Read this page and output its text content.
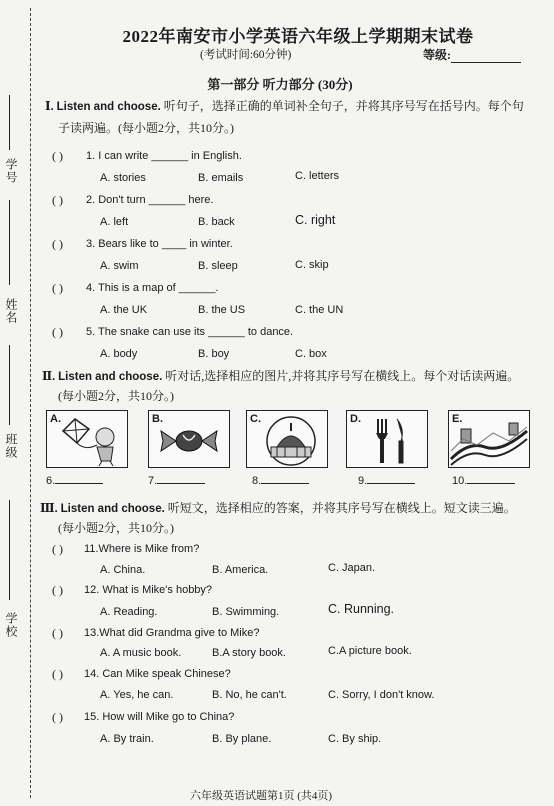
学号
姓名
班级
学校
2022年南安市小学英语六年级上学期期末试卷
(考试时间:60分钟)	等级:
第一部分 听力部分 (30分)
Ⅰ. Listen and choose. 听句子，选择正确的单词补全句子，并将其序号写在括号内。每个句
子读两遍。(每小题2分，共10分。)
( ) 1. I can write ______ in English.
A. stories	B. emails	C. letters
( ) 2. Don't turn ______ here.
A. left	B. back	C. right
( ) 3. Bears like to ____ in winter.
A. swim	B. sleep	C. skip
( ) 4. This is a map of ______.
A. the UK	B. the US	C. the UN
( ) 5. The snake can use its ______ to dance.
A. body	B. boy	C. box
Ⅱ. Listen and choose. 听对话,选择相应的图片,并将其序号写在横线上。每个对话读两遍。
(每小题2分，共10分。)
A.	B.	C.	D.	E.
6.	7.	8.	9.	10.
Ⅲ. Listen and choose. 听短文，选择相应的答案，并将其序号写在横线上。短文读三遍。
(每小题2分，共10分。)
( ) 11.Where is Mike from?
A. China.	B. America.	C. Japan.
( ) 12. What is Mike's hobby?
A. Reading.	B. Swimming.	C. Running.
( ) 13.What did Grandma give to Mike?
A. A music book.	B.A story book.	C.A picture book.
( ) 14. Can Mike speak Chinese?
A. Yes, he can.	B. No, he can't.	C. Sorry, I don't know.
( ) 15. How will Mike go to China?
A. By train.	B. By plane.	C. By ship.
六年级英语试题第1页 (共4页)
